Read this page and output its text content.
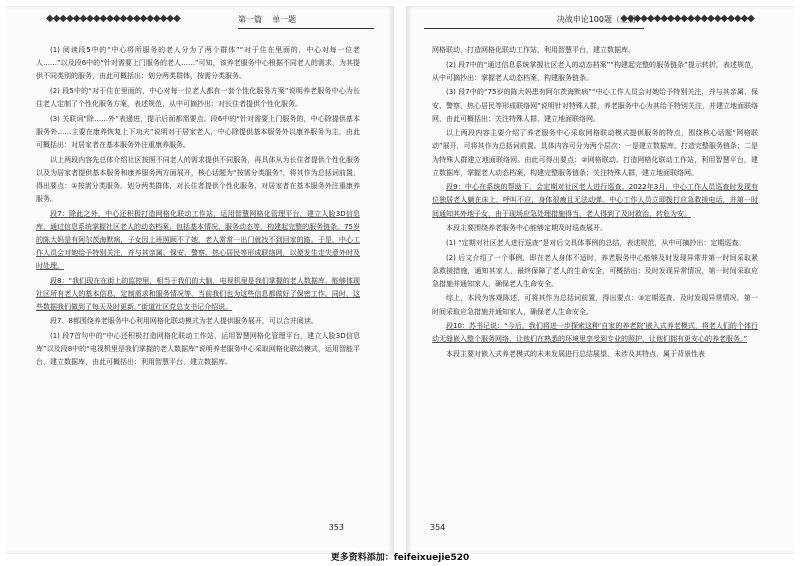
◆◆◆◆◆◆◆◆◆◆◆◆◆◆◆◆◆◆◆◆	第一篇 单一题

(1) 阅读段5中的“中心将所服务的老人分为了两个群体”“对于住在里面的，中心对每一位老人……”以及段6中的“针对需要上门服务的老人……”可知，该养老服务中心根据不同老人的需求，为其提供不同类别的服务，由此可概括出：划分两类群体，按需分类服务。

(2) 段5中的“对于住在里面的，中心对每一位老人都有一套个性化服务方案”说明养老服务中心为长住老人定制了个性化服务方案，表述规范，从中可摘抄出：对长住者提供个性化服务。

(3) 关联词“除……外”表递进，提示后面都需要点。段6中的“针对需要上门服务的，中心除提供基本服务外……主要在康养恢复上下功夫”说明对于居家老人，中心除提供基本服务外以康养服务为主，由此可概括出：对居家者在基本服务外注重康养服务。

以上两段内容先总体介绍社区按照不同老人的需求提供不同服务，再具体从为长住者提供个性化服务以及为居家者提供基本服务和康养服务两方面展开，核心话题为“按需分类服务”，将其作为总括词前置，得出要点：①按需分类服务。划分两类群体，对长住者提供个性化服务，对居家者在基本服务外注重康养服务。

段7：除此之外，中心还积极打造网格化联动工作站，运用智慧网格化管理平台，建立人脸3D信息库，通过信息系统掌握社区老人的动态档案，包括基本情况、服务动态等，构建起完整的服务链条。75岁的陈大妈是有阿尔茨海默病，子女因上班照顾不了她，老人常常一出门就找不到回家的路。于是，中心工作人员会对她给予特别关注，并与其亲属、保安、警察、热心居民等形成联络网，以便发生走失意外时及时处理。

段8：“我们现在在街上的监控里，相当于我们的大脑，电视机里是我们掌握的老人数据库，能够体现社区所有老人的基本信息，定制需求和服务情况等，当前我们也为这些信息都做好了保密工作。同时，这些数据我们做到了每天及时更新。”街道社区党总支书记介绍说。

段7、8都围绕养老服务中心利用网格化联动模式为老人提供服务展开，可以合并阅读。

(1) 段7首句中的“中心还积极打造网格化联动工作站，运用智慧网格化管理平台，建立人脸3D信息库”以及段8中的“电视机里是我们掌握的老人数据库”说明养老服务中心采取网格化联动模式，运用智能平台，建立数据库，由此可概括出：利用智慧平台，建立数据库。

353
决战申论100题（上册）
◆◆◆◆◆◆◆◆◆◆◆◆◆◆◆◆◆◆◆◆

网格联动，打造网格化联动工作站，利用智慧平台，建立数据库。

(2) 段7中的“通过信息系统掌握社区老人的动态档案”“构建起完整的服务链条”提示转折，表述规范，从中可摘抄出：掌握老人动态档案，构建服务链条。

(3) 段7中的“75岁的陈大妈患有阿尔茨海默病”“中心工作人员会对她给予特别关注，并与其亲属、保安、警察、热心居民等形成联络网”说明针对特殊人群，养老服务中心为其给予特别关注，并建立地面联络网，由此可概括出：关注特殊人群，建立地面联络网。

以上两段内容主要介绍了养老服务中心采取网格联动模式提供服务的特点，围绕核心话题“网格联动”展开，可将其作为总括词前置。具体内容可分为两个层次：一是建立数据库，打造完整服务链条；二是为特殊人群建立地面联络网。由此可得出要点：②网格联动。打造网格化联动工作站，利用智慧平台，建立数据库，掌握老人动态档案，构建完整服务链条；关注特殊人群，建立地面联络网。

段9：中心在系统的帮助下，会定期对社区老人进行巡查。2022年3月，中心工作人员巡查时发现有位独居老人躺在床上，呼叫不应，身体很瘦且无法动弹。中心工作人员立即拨打应急救援电话，并第一时间通知其外地子女，由于现场应急处理措施得当，老人得到了及时救治，转危为安。

本段主要围绕养老服务中心能够定期及时巡查展开。

(1) “定期对社区老人进行巡查”是对后文具体事例的总结，表述规范，从中可摘抄出：定期巡查。

(2) 后文介绍了一个事例，即在老人身体不适时，养老服务中心能够及时发现异常并第一时间采取紧急救援措施，通知其家人，最终保障了老人的生命安全，可概括出：及时发现异常情况，第一时间采取应急措施并通知家人，确保老人生命安全。

综上，本段为客观陈述，可将其作为总括词前置，得出要点：③定期巡查。及时发现异常情况，第一时间采取应急措施并通知家人，确保老人生命安全。

段10：苏书记说：“今后，我们将进一步探索这种‘自家的养老院’嵌入式养老模式，将老人们的个体行动无缝嵌入整个服务网络，让他们在熟悉的环境里享受到专业的照护，让他们拥有更安心的养老服务。”

本段主要对嵌入式养老模式的未来发展进行总结展望，未涉及其特点，属于背景性表

354
更多资料添加：feifeixuejie520
